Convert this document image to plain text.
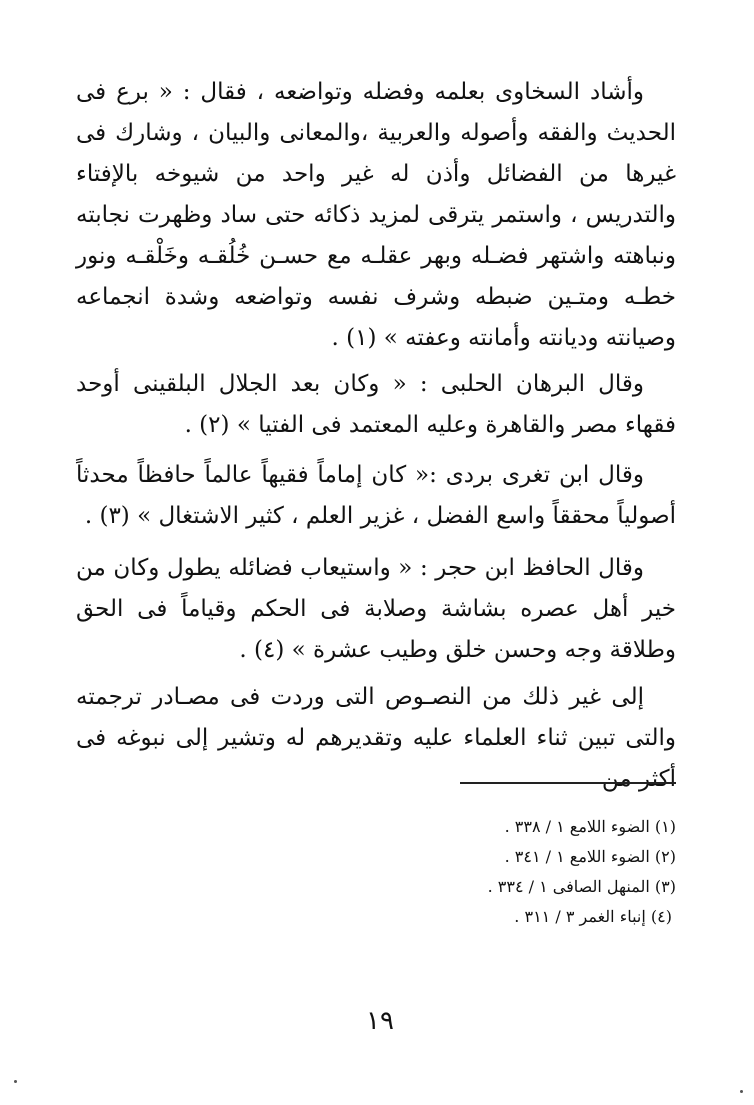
وأشاد السخاوى بعلمه وفضله وتواضعه ، فقال : « برع فى الحديث والفقه وأصوله والعربية ،والمعانى والبيان ، وشارك فى غيرها من الفضائل وأذن له غير واحد من شيوخه بالإفتاء والتدريس ، واستمر يترقى لمزيد ذكائه حتى ساد وظهرت نجابته ونباهته واشتهر فضـله وبهر عقلـه مع حسـن خُلُقـه وخَلْقـه ونور خطـه ومتـين ضبطه وشرف نفسه وتواضعه وشدة انجماعه وصيانته وديانته وأمانته وعفته » (١) .

وقال البرهان الحلبى : « وكان بعد الجلال البلقينى أوحد فقهاء مصر والقاهرة وعليه المعتمد فى الفتيا » (٢) .

وقال ابن تغرى بردى :« كان إماماً فقيهاً عالماً حافظاً محدثاً أصولياً محققاً واسع الفضل ، غزير العلم ، كثير الاشتغال » (٣) .

وقال الحافظ ابن حجر : « واستيعاب فضائله يطول وكان من خير أهل عصره بشاشة وصلابة فى الحكم وقياماً فى الحق وطلاقة وجه وحسن خلق وطيب عشرة » (٤) .

إلى غير ذلك من النصـوص التى وردت فى مصـادر ترجمته والتى تبين ثناء العلماء عليه وتقديرهم له وتشير إلى نبوغه فى أكثر من

(١) الضوء اللامع ١ / ٣٣٨ .

(٢) الضوء اللامع ١ / ٣٤١ .

(٣) المنهل الصافى ١ / ٣٣٤ .

(٤) إنباء الغمر ٣ / ٣١١ .

١٩
